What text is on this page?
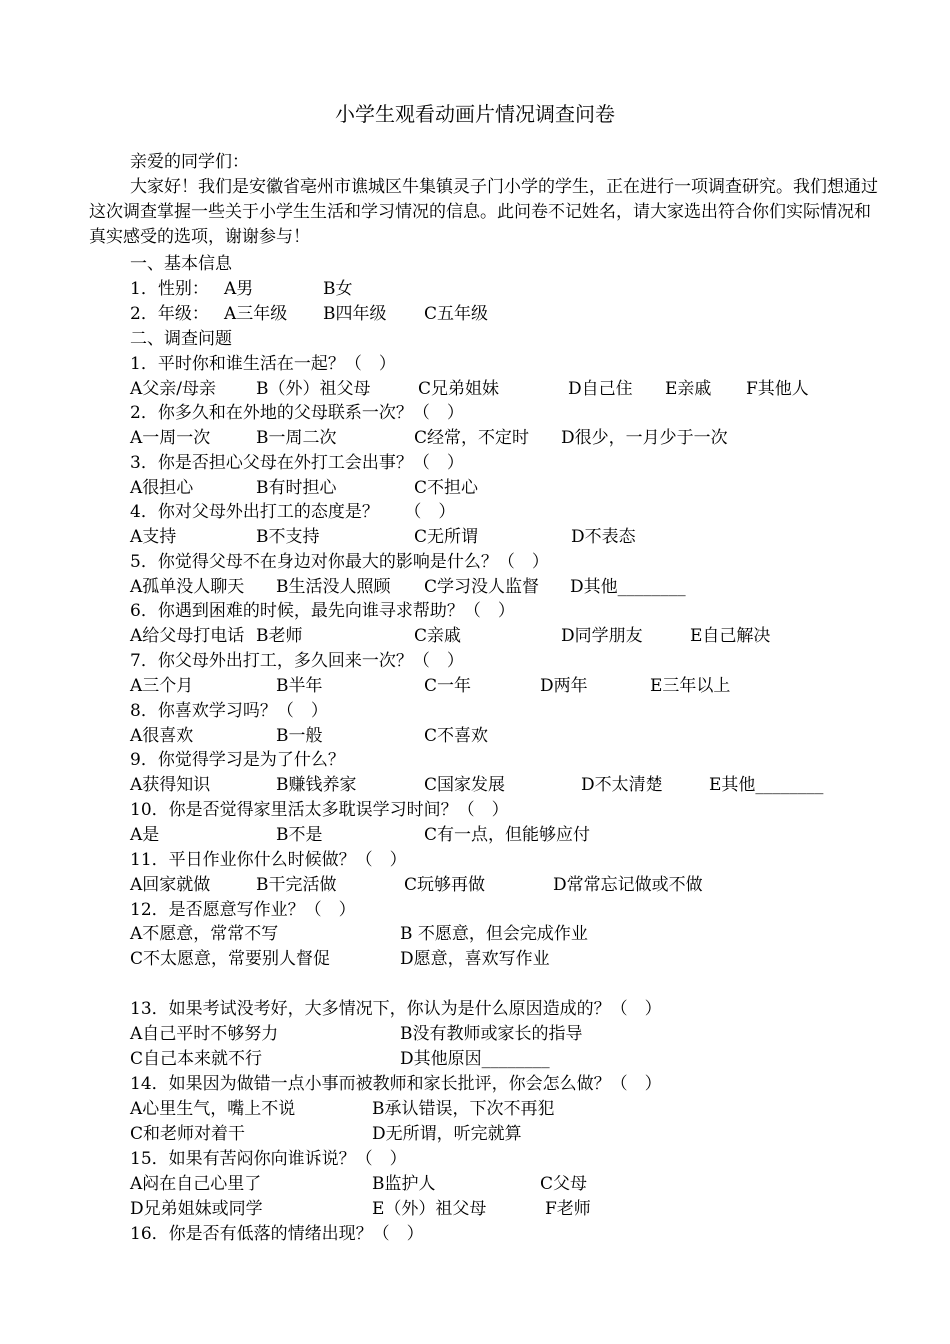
小学生观看动画片情况调查问卷

亲爱的同学们：

大家好！我们是安徽省亳州市谯城区牛集镇灵子门小学的学生，正在进行一项调查研究。我们想通过这次调查掌握一些关于小学生生活和学习情况的信息。此问卷不记姓名，请大家选出符合你们实际情况和真实感受的选项，谢谢参与！

一、基本信息
1．性别： A男	B女
2．年级： A三年级 B四年级 C五年级
二、调查问题
1．平时你和谁生活在一起？（　）
A父亲/母亲 B（外）祖父母	C兄弟姐妹	D自己住 E亲戚 F其他人
2．你多久和在外地的父母联系一次？（　）
A一周一次	B一周二次	C经常，不定时 D很少，一月少于一次
3．你是否担心父母在外打工会出事？（　）
A很担心	B有时担心	C不担心
4．你对父母外出打工的态度是？　　（　）
A支持	B不支持	C无所谓	D不表态
5．你觉得父母不在身边对你最大的影响是什么？（　）
A孤单没人聊天 B生活没人照顾 C学习没人监督 D其他________
6．你遇到困难的时候，最先向谁寻求帮助？（　）
A给父母打电话 B老师	C亲戚	D同学朋友	E自己解决
7．你父母外出打工，多久回来一次？（　）
A三个月	B半年	C一年	D两年	E三年以上
8．你喜欢学习吗？（　）
A很喜欢	B一般	C不喜欢
9．你觉得学习是为了什么？
A获得知识	B赚钱养家	C国家发展	D不太清楚	E其他________
10．你是否觉得家里活太多耽误学习时间？（　）
A是	B不是	C有一点，但能够应付
11．平日作业你什么时候做？（　）
A回家就做	B干完活做	C玩够再做	D常常忘记做或不做
12．是否愿意写作业？（　）
A不愿意，常常不写	B 不愿意，但会完成作业
C不太愿意，常要别人督促	D愿意，喜欢写作业
13．如果考试没考好，大多情况下，你认为是什么原因造成的？（　）
A自己平时不够努力	B没有教师或家长的指导
C自己本来就不行	D其他原因________
14．如果因为做错一点小事而被教师和家长批评，你会怎么做？（　）
A心里生气，嘴上不说	B承认错误，下次不再犯
C和老师对着干	D无所谓，听完就算
15．如果有苦闷你向谁诉说？（　）
A闷在自己心里了	B监护人	C父母
D兄弟姐妹或同学	E（外）祖父母	F老师
16．你是否有低落的情绪出现？（　）
